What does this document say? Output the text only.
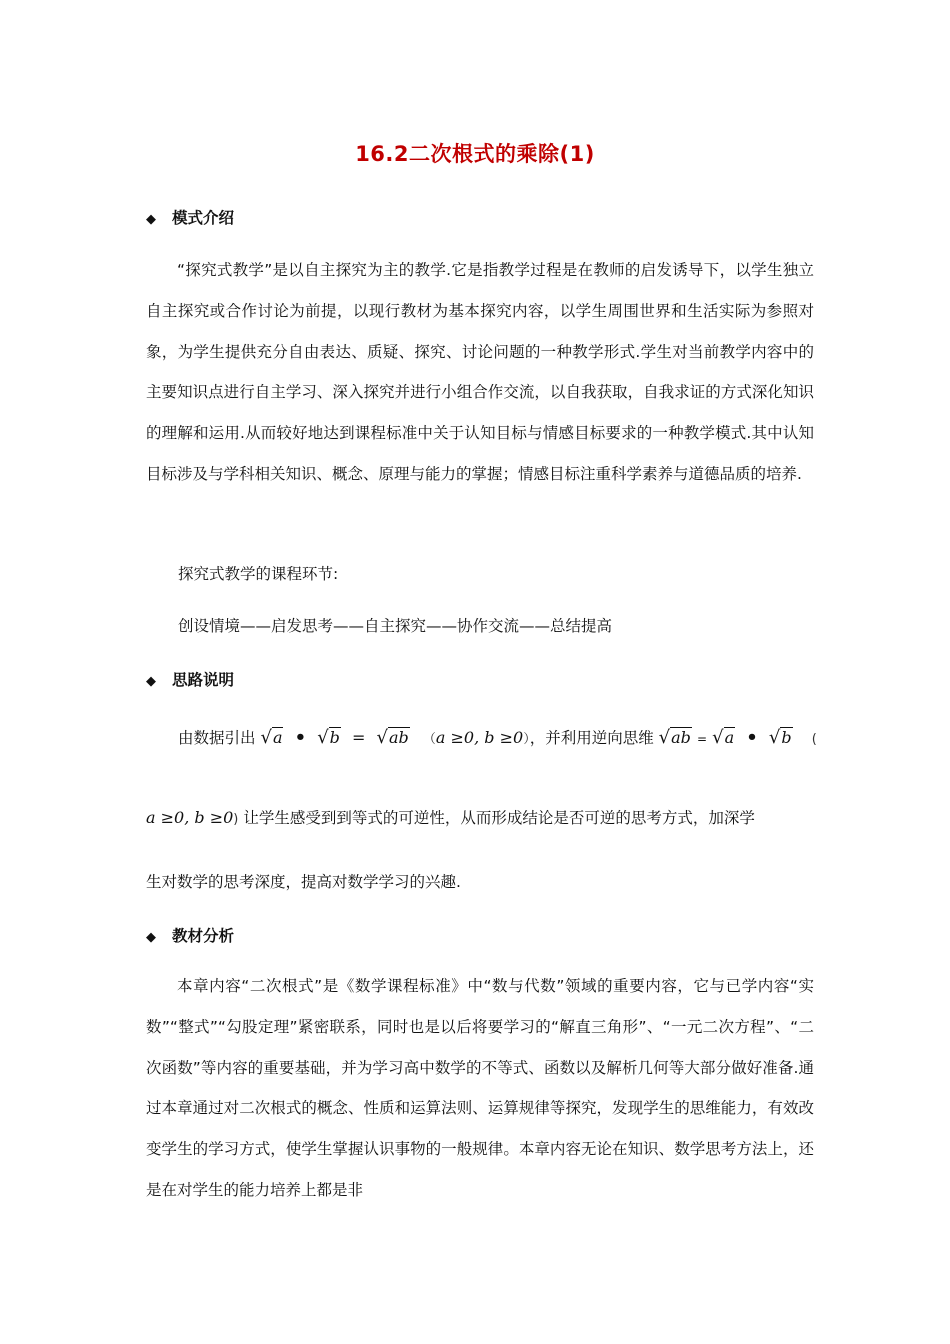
16.2二次根式的乘除(1)
◆ 模式介绍

“探究式教学”是以自主探究为主的教学.它是指教学过程是在教师的启发诱导下，以学生独立自主探究或合作讨论为前提，以现行教材为基本探究内容，以学生周围世界和生活实际为参照对象，为学生提供充分自由表达、质疑、探究、讨论问题的一种教学形式.学生对当前教学内容中的主要知识点进行自主学习、深入探究并进行小组合作交流，以自我获取，自我求证的方式深化知识的理解和运用.从而较好地达到课程标准中关于认知目标与情感目标要求的一种教学模式.其中认知目标涉及与学科相关知识、概念、原理与能力的掌握；情感目标注重科学素养与道德品质的培养.

探究式教学的课程环节:
创设情境——启发思考——自主探究——协作交流——总结提高
◆ 思路说明
由数据引出 √a • √b = √ab （a ≥0, b ≥0），并利用逆向思维 √ab = √a • √b (
a ≥0, b ≥0) 让学生感受到到等式的可逆性，从而形成结论是否可逆的思考方式，加深学
生对数学的思考深度，提高对数学学习的兴趣.
◆ 教材分析

本章内容“二次根式”是《数学课程标准》中“数与代数”领域的重要内容，它与已学内容“实数”“整式”“勾股定理”紧密联系，同时也是以后将要学习的“解直三角形”、“一元二次方程”、“二次函数”等内容的重要基础，并为学习高中数学的不等式、函数以及解析几何等大部分做好准备.通过本章通过对二次根式的概念、性质和运算法则、运算规律等探究，发现学生的思维能力，有效改变学生的学习方式，使学生掌握认识事物的一般规律。本章内容无论在知识、数学思考方法上，还是在对学生的能力培养上都是非
